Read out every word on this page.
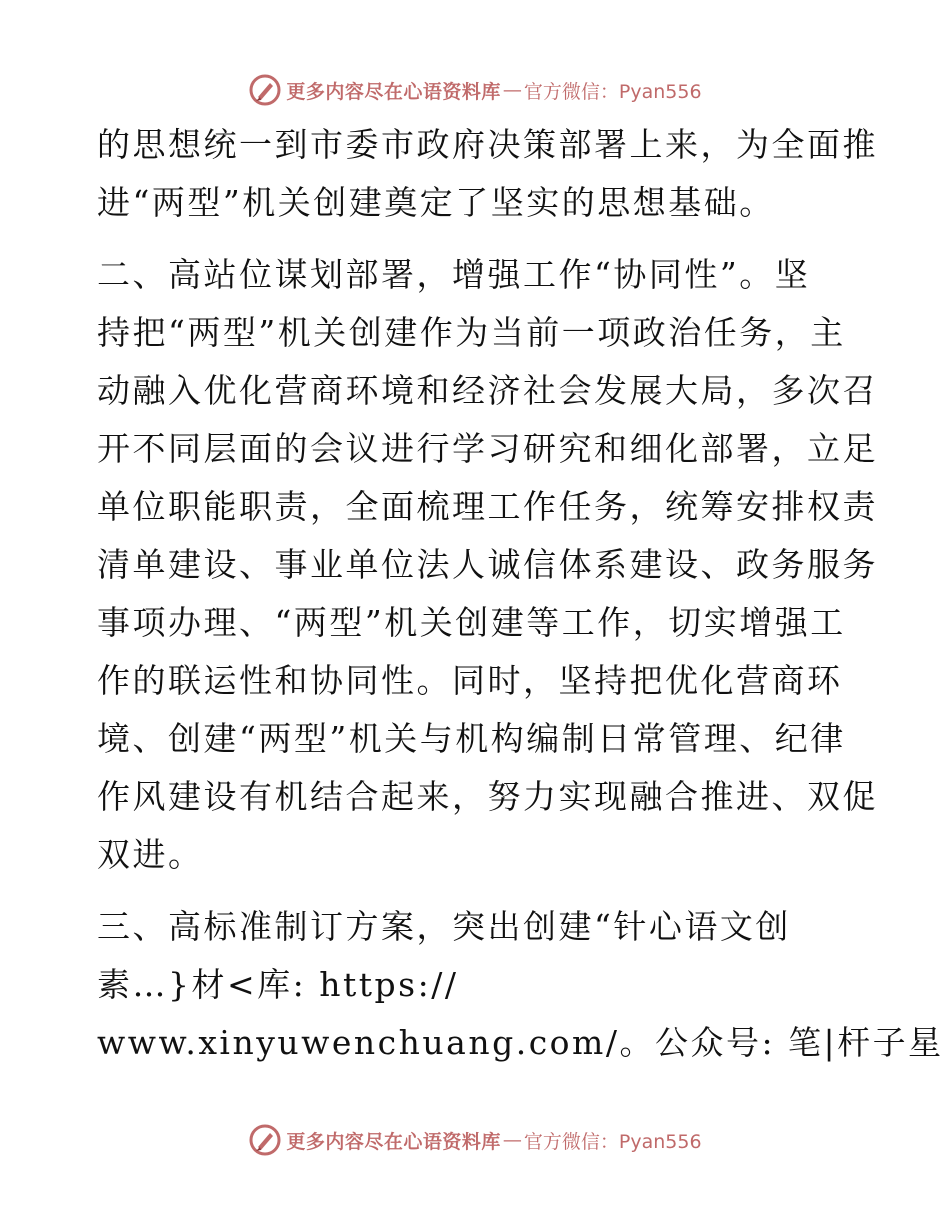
更多内容尽在心语资料库 — 官方微信：Pyan556
的思想统一到市委市政府决策部署上来，为全面推
进“两型”机关创建奠定了坚实的思想基础。
二、高站位谋划部署，增强工作“协同性”。坚
持把“两型”机关创建作为当前一项政治任务，主
动融入优化营商环境和经济社会发展大局，多次召
开不同层面的会议进行学习研究和细化部署，立足
单位职能职责，全面梳理工作任务，统筹安排权责
清单建设、事业单位法人诚信体系建设、政务服务
事项办理、“两型”机关创建等工作，切实增强工
作的联运性和协同性。同时，坚持把优化营商环
境、创建“两型”机关与机构编制日常管理、纪律
作风建设有机结合起来，努力实现融合推进、双促
双进。
三、高标准制订方案，突出创建“针心语文创
素…}材<库: https://
www.xinyuwenchuang.com/。公众号: 笔|杆子星
更多内容尽在心语资料库 — 官方微信：Pyan556
